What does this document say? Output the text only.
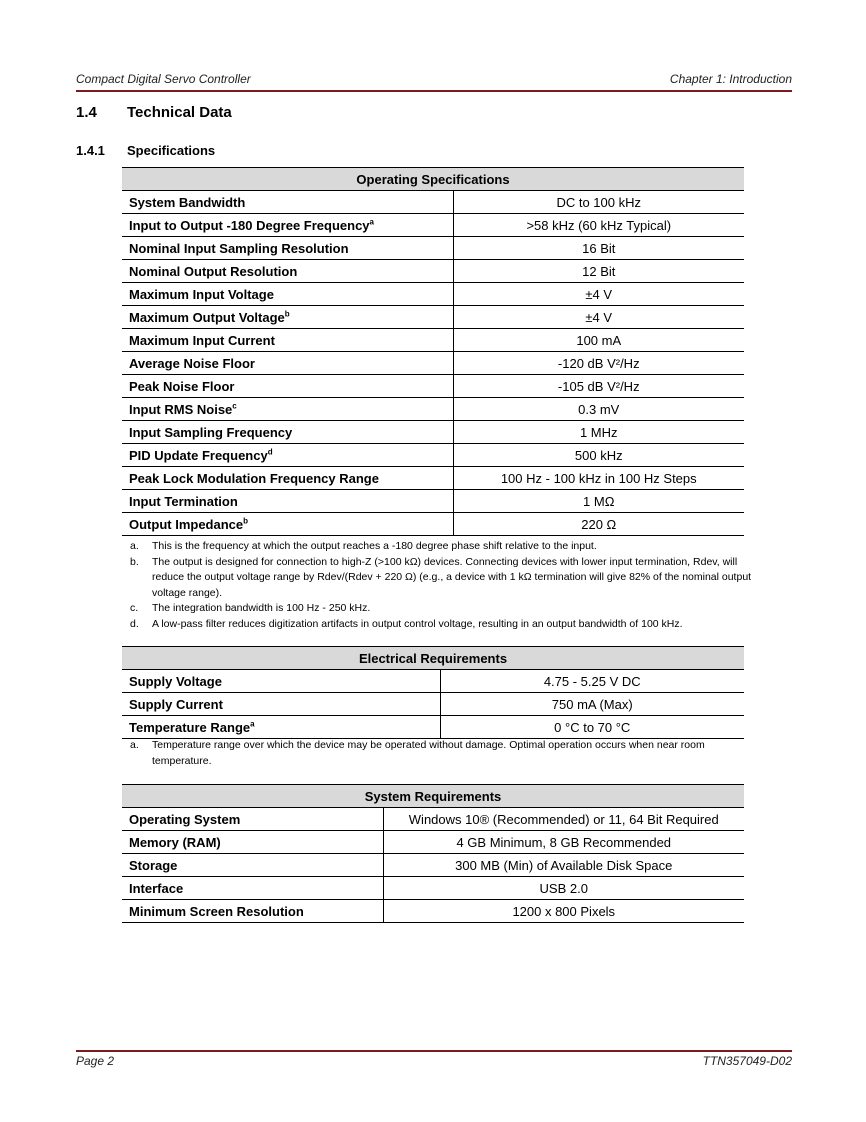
Compact Digital Servo Controller	Chapter 1: Introduction
1.4 Technical Data
1.4.1 Specifications
Operating Specifications	
System Bandwidth	DC to 100 kHz
Input to Output -180 Degree Frequency$^a$	>58 kHz (60 kHz Typical)
Nominal Input Sampling Resolution	16 Bit
Nominal Output Resolution	12 Bit
Maximum Input Voltage	±4 V
Maximum Output Voltage$^b$	±4 V
Maximum Input Current	100 mA
Average Noise Floor	-120 dB V²/Hz
Peak Noise Floor	-105 dB V²/Hz
Input RMS Noise$^c$	0.3 mV
Input Sampling Frequency	1 MHz
PID Update Frequency$^d$	500 kHz
Peak Lock Modulation Frequency Range	100 Hz - 100 kHz in 100 Hz Steps
Input Termination	1 MΩ
Output Impedance$^b$	220 Ω
a. This is the frequency at which the output reaches a -180 degree phase shift relative to the input.
b. The output is designed for connection to high-Z (>100 kΩ) devices. Connecting devices with lower input termination, Rdev, will reduce the output voltage range by Rdev/(Rdev + 220 Ω) (e.g., a device with 1 kΩ termination will give 82% of the nominal output voltage range).
c. The integration bandwidth is 100 Hz - 250 kHz.
d. A low-pass filter reduces digitization artifacts in output control voltage, resulting in an output bandwidth of 100 kHz.
Electrical Requirements	
Supply Voltage	4.75 - 5.25 V DC
Supply Current	750 mA (Max)
Temperature Range$^a$	0 °C to 70 °C
a. Temperature range over which the device may be operated without damage. Optimal operation occurs when near room temperature.
System Requirements	
Operating System	Windows 10® (Recommended) or 11, 64 Bit Required
Memory (RAM)	4 GB Minimum, 8 GB Recommended
Storage	300 MB (Min) of Available Disk Space
Interface	USB 2.0
Minimum Screen Resolution	1200 x 800 Pixels
Page 2	TTN357049-D02
